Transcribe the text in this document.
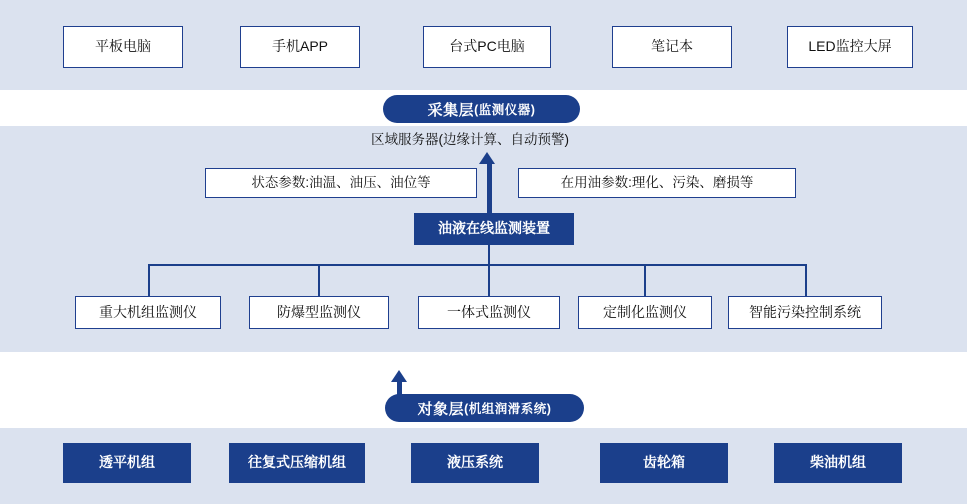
平板电脑	手机APP	台式PC电脑	笔记本	LED监控大屏
采集层 (监测仪器)
区域服务器(边缘计算、自动预警)
状态参数:油温、油压、油位等	在用油参数:理化、污染、磨损等
油液在线监测装置
重大机组监测仪	防爆型监测仪	一体式监测仪	定制化监测仪	智能污染控制系统
对象层 (机组润滑系统)
透平机组	往复式压缩机组	液压系统	齿轮箱	柴油机组
